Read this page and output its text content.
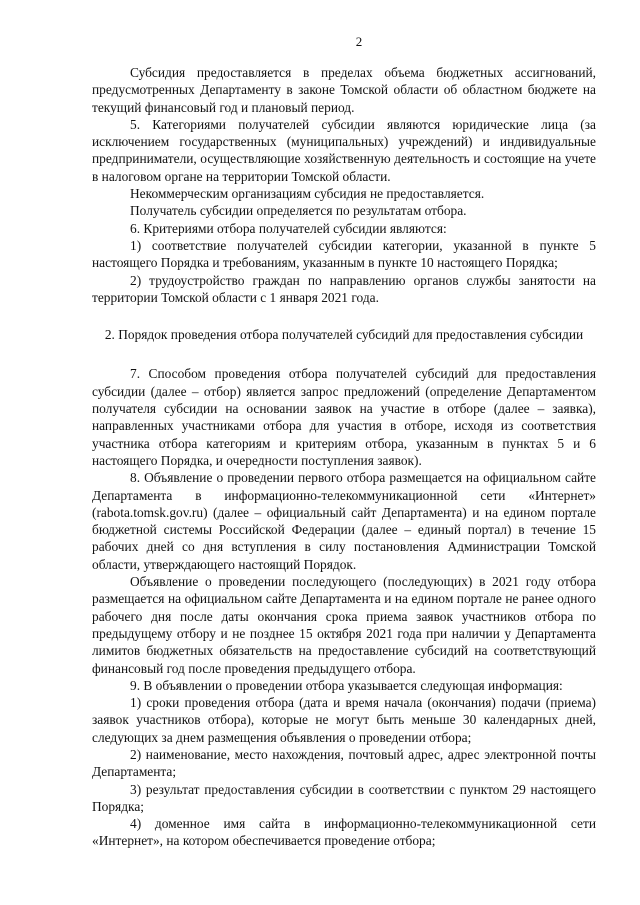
2

Субсидия предоставляется в пределах объема бюджетных ассигнований, предусмотренных Департаменту в законе Томской области об областном бюджете на текущий финансовый год и плановый период.

5. Категориями получателей субсидии являются юридические лица (за исключением государственных (муниципальных) учреждений) и индивидуальные предприниматели, осуществляющие хозяйственную деятельность и состоящие на учете в налоговом органе на территории Томской области.

Некоммерческим организациям субсидия не предоставляется.

Получатель субсидии определяется по результатам отбора.

6. Критериями отбора получателей субсидии являются:

1) соответствие получателей субсидии категории, указанной в пункте 5 настоящего Порядка и требованиям, указанным в пункте 10 настоящего Порядка;

2) трудоустройство граждан по направлению органов службы занятости на территории Томской области с 1 января 2021 года.

2. Порядок проведения отбора получателей субсидий для предоставления субсидии

7. Способом проведения отбора получателей субсидий для предоставления субсидии (далее – отбор) является запрос предложений (определение Департаментом получателя субсидии на основании заявок на участие в отборе (далее – заявка), направленных участниками отбора для участия в отборе, исходя из соответствия участника отбора категориям и критериям отбора, указанным в пунктах 5 и 6 настоящего Порядка, и очередности поступления заявок).

8. Объявление о проведении первого отбора размещается на официальном сайте Департамента в информационно-телекоммуникационной сети «Интернет» (rabota.tomsk.gov.ru) (далее – официальный сайт Департамента) и на едином портале бюджетной системы Российской Федерации (далее – единый портал) в течение 15 рабочих дней со дня вступления в силу постановления Администрации Томской области, утверждающего настоящий Порядок.

Объявление о проведении последующего (последующих) в 2021 году отбора размещается на официальном сайте Департамента и на едином портале не ранее одного рабочего дня после даты окончания срока приема заявок участников отбора по предыдущему отбору и не позднее 15 октября 2021 года при наличии у Департамента лимитов бюджетных обязательств на предоставление субсидий на соответствующий финансовый год после проведения предыдущего отбора.

9. В объявлении о проведении отбора указывается следующая информация:

1) сроки проведения отбора (дата и время начала (окончания) подачи (приема) заявок участников отбора), которые не могут быть меньше 30 календарных дней, следующих за днем размещения объявления о проведении отбора;

2) наименование, место нахождения, почтовый адрес, адрес электронной почты Департамента;

3) результат предоставления субсидии в соответствии с пунктом 29 настоящего Порядка;

4) доменное имя сайта в информационно-телекоммуникационной сети «Интернет», на котором обеспечивается проведение отбора;
